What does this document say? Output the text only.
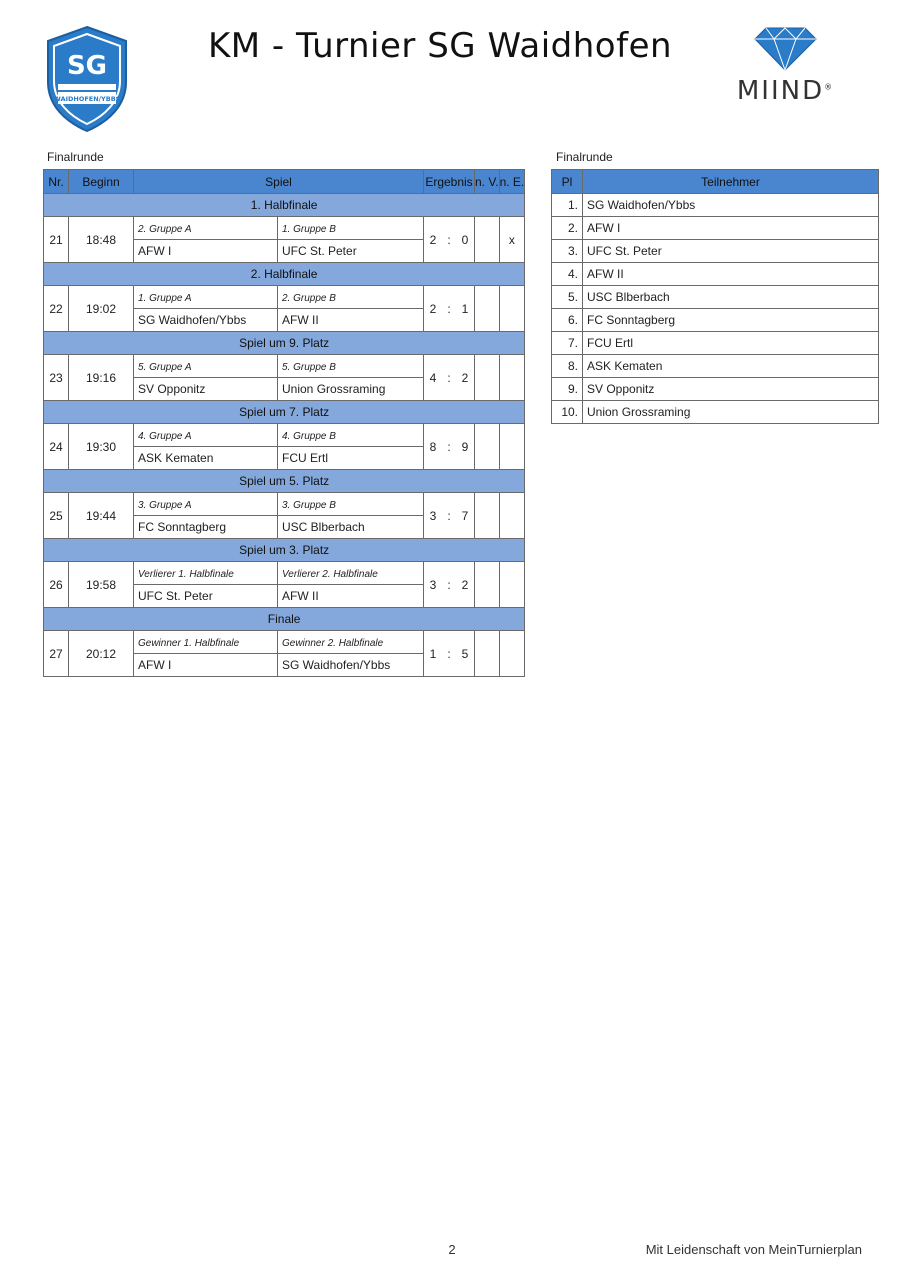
SG
WAIDHOFEN/YBBS
KM - Turnier SG Waidhofen
MIIND®
Finalrunde
Nr.	Beginn	Spiel		Ergebnis	n. V.	n. E.
1. Halbfinale						
21	18:48	2. Gruppe A	1. Gruppe B	2 : 0		x
		AFW I	UFC St. Peter			
2. Halbfinale						
22	19:02	1. Gruppe A	2. Gruppe B	2 : 1		
		SG Waidhofen/Ybbs	AFW II			
Spiel um 9. Platz						
23	19:16	5. Gruppe A	5. Gruppe B	4 : 2		
		SV Opponitz	Union Grossraming			
Spiel um 7. Platz						
24	19:30	4. Gruppe A	4. Gruppe B	8 : 9		
		ASK Kematen	FCU Ertl			
Spiel um 5. Platz						
25	19:44	3. Gruppe A	3. Gruppe B	3 : 7		
		FC Sonntagberg	USC Blberbach			
Spiel um 3. Platz						
26	19:58	Verlierer 1. Halbfinale	Verlierer 2. Halbfinale	3 : 2		
		UFC St. Peter	AFW II			
Finale						
27	20:12	Gewinner 1. Halbfinale	Gewinner 2. Halbfinale	1 : 5		
		AFW I	SG Waidhofen/Ybbs			
Finalrunde
Pl	Teilnehmer
1.	SG Waidhofen/Ybbs
2.	AFW I
3.	UFC St. Peter
4.	AFW II
5.	USC Blberbach
6.	FC Sonntagberg
7.	FCU Ertl
8.	ASK Kematen
9.	SV Opponitz
10.	Union Grossraming
2	Mit Leidenschaft von MeinTurnierplan
